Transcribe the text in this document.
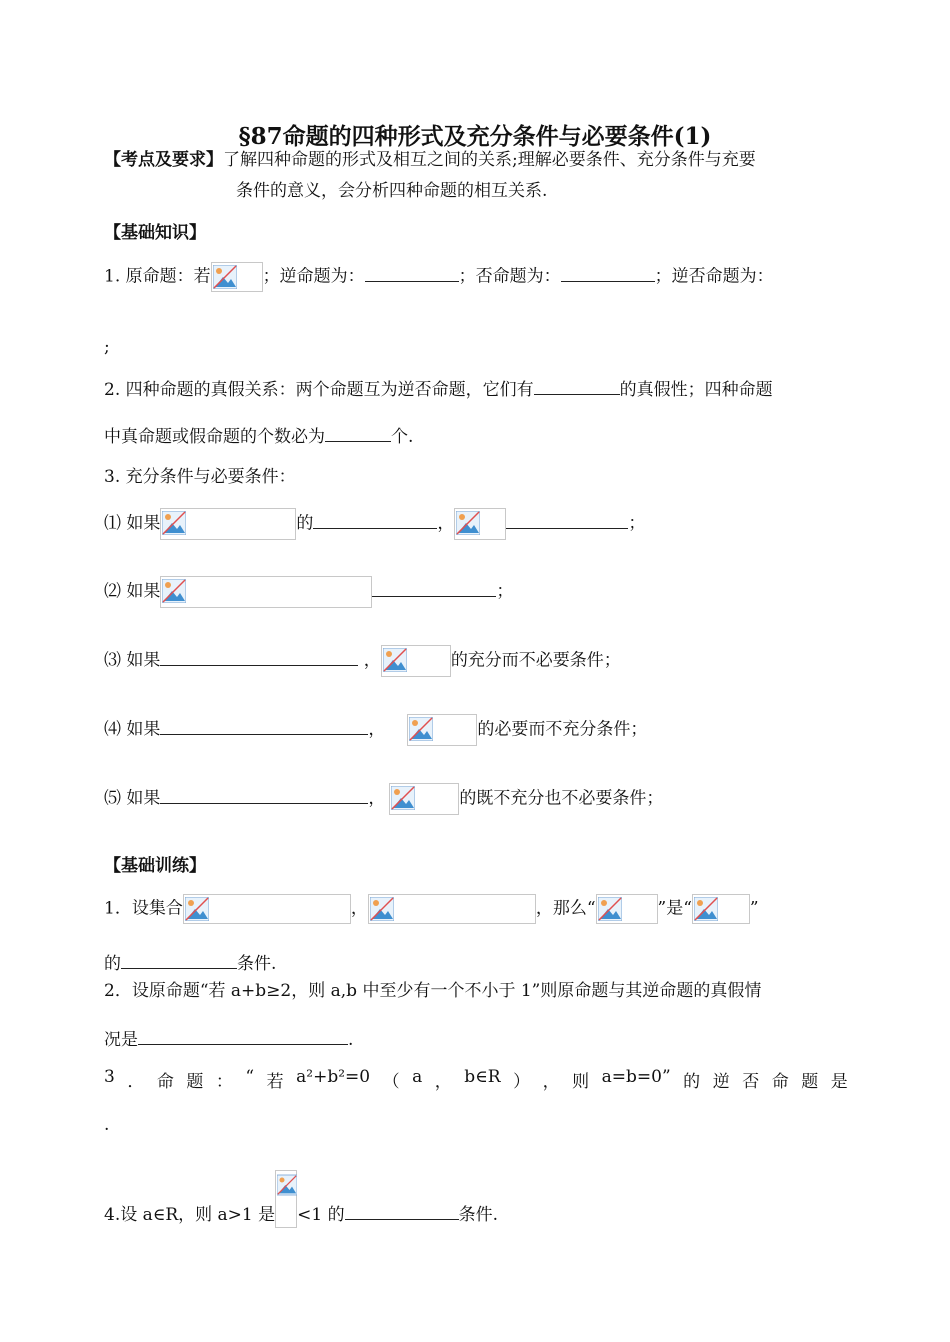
§87命题的四种形式及充分条件与必要条件(1)
【考点及要求】了解四种命题的形式及相互之间的关系;理解必要条件、充分条件与充要
条件的意义，会分析四种命题的相互关系.
【基础知识】
1. 原命题：若	；逆命题为：	；否命题为：	；逆否命题为：
;
2. 四种命题的真假关系：两个命题互为逆否命题，它们有	的真假性；四种命题
中真命题或假命题的个数必为	个.
3. 充分条件与必要条件：
⑴ 如果	的	，	；
⑵ 如果	；
⑶ 如果	，	的充分而不必要条件；
⑷ 如果	，	的必要而不充分条件；
⑸ 如果	，	的既不充分也不必要条件；
【基础训练】
1．设集合	，	，那么“	”是“	”
的	条件.
2．设原命题“若 a+b≥2，则 a,b 中至少有一个不小于 1”则原命题与其逆命题的真假情
况是	.
3 ． 命 题 ： “ 若 a²+b²=0 （ a ， b∈R ） ， 则 a=b=0” 的 逆 否 命 题 是
.
4.设 a∈R，则 a>1 是 <1 的	条件.
